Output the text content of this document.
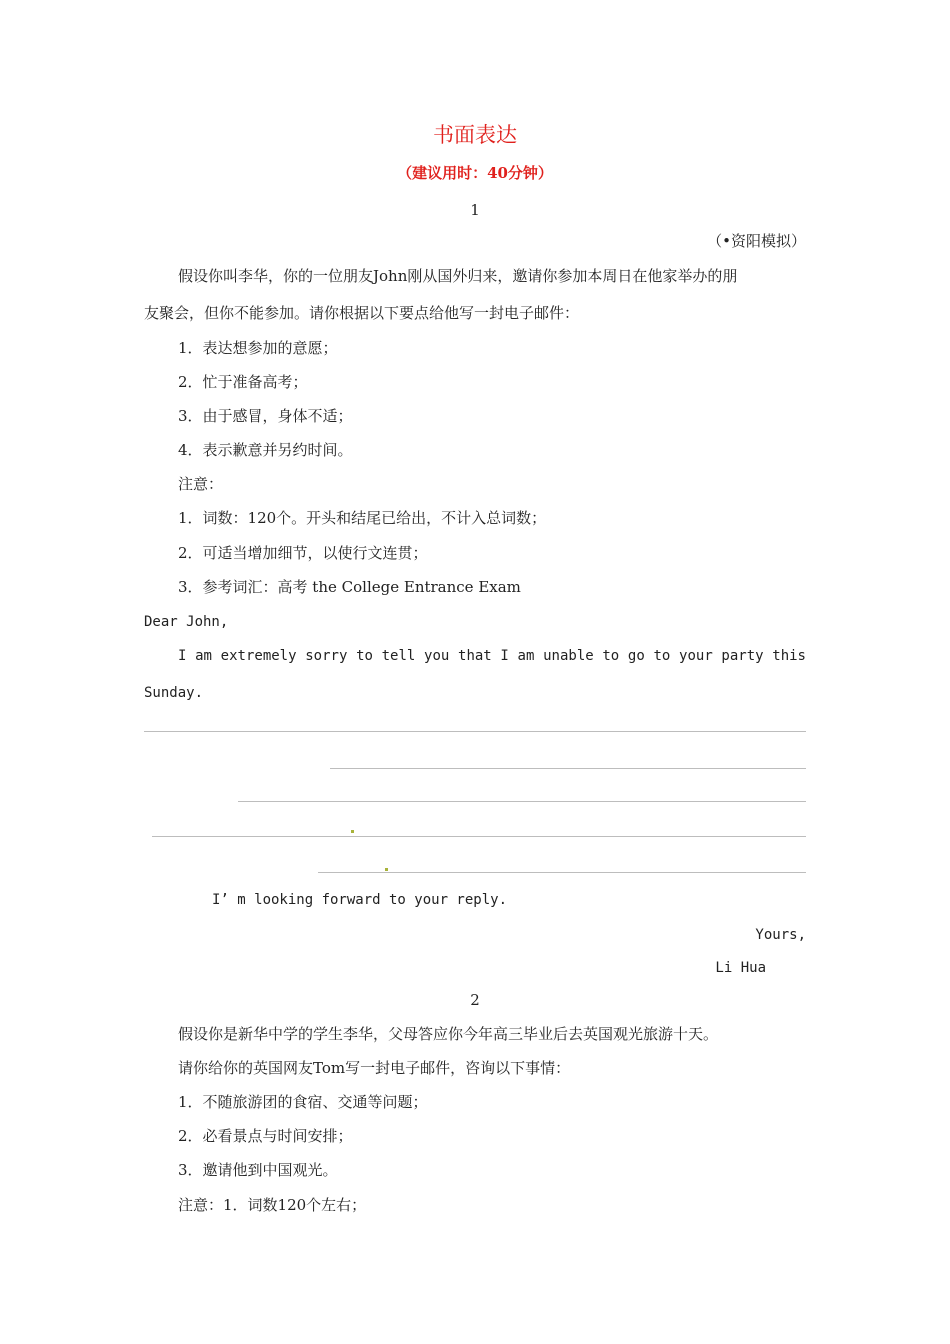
书面表达
（建议用时：40分钟）
1
（•资阳模拟）
假设你叫李华，你的一位朋友John刚从国外归来，邀请你参加本周日在他家举办的朋
友聚会，但你不能参加。请你根据以下要点给他写一封电子邮件：
1．表达想参加的意愿；
2．忙于准备高考；
3．由于感冒，身体不适；
4．表示歉意并另约时间。
注意：
1．词数：120个。开头和结尾已给出，不计入总词数；
2．可适当增加细节，以使行文连贯；
3．参考词汇：高考 the College Entrance Exam
Dear John,
I am extremely sorry to tell you that I am unable to go to your party this
Sunday.
I’ m looking forward to your reply.
Yours,
Li Hua
2
假设你是新华中学的学生李华，父母答应你今年高三毕业后去英国观光旅游十天。
请你给你的英国网友Tom写一封电子邮件，咨询以下事情：
1．不随旅游团的食宿、交通等问题；
2．必看景点与时间安排；
3．邀请他到中国观光。
注意：1．词数120个左右；
